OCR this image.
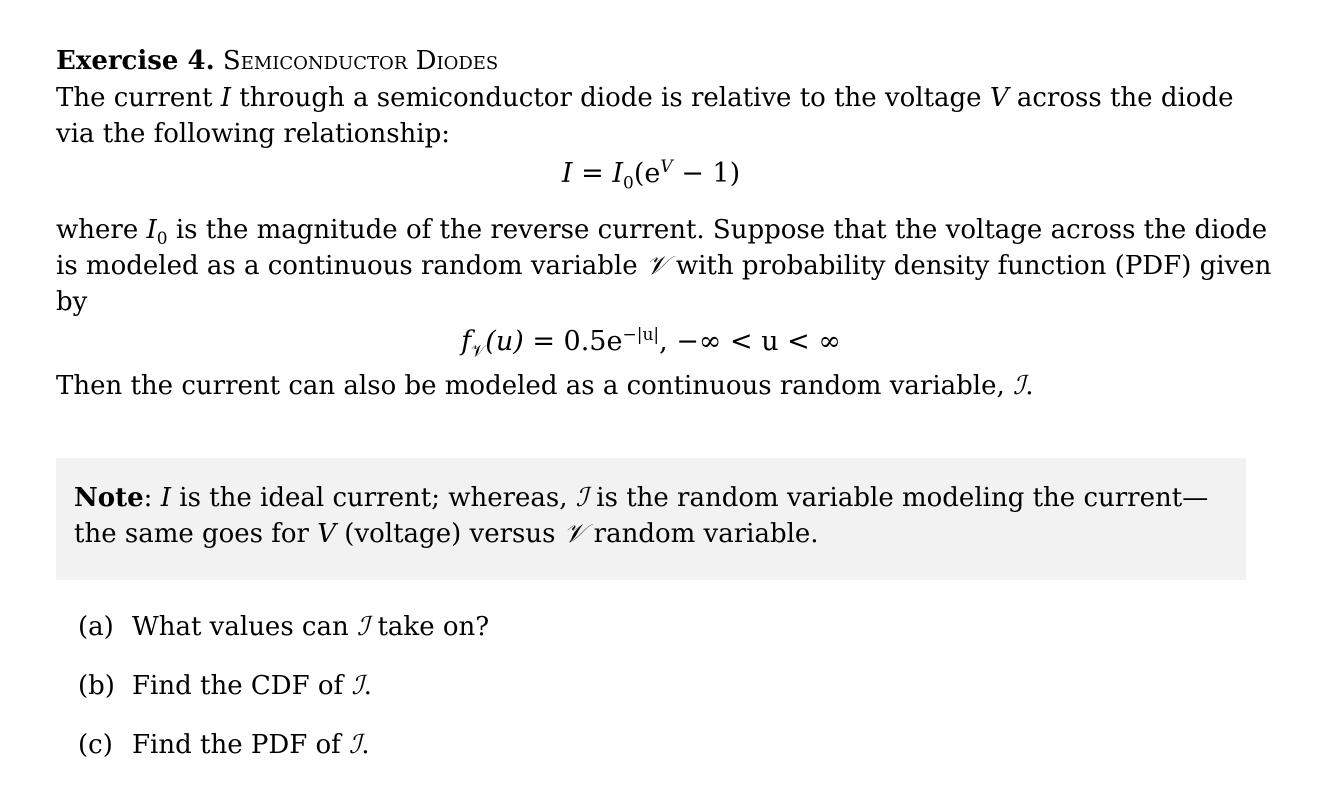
Exercise 4. Semiconductor Diodes
The current I through a semiconductor diode is relative to the voltage V across the diode
via the following relationship:
$I = I_0(e^V - 1)$
where $I_0$ is the magnitude of the reverse current. Suppose that the voltage across the diode
is modeled as a continuous random variable 𝒱 with probability density function (PDF) given
by
$f_𝒱(u) = 0.5e^{-|u|}$, −∞ < u < ∞
Then the current can also be modeled as a continuous random variable, ℐ.
Note: I is the ideal current; whereas, ℐ is the random variable modeling the current—
the same goes for V (voltage) versus 𝒱 random variable.
(a) What values can ℐ take on?
(b) Find the CDF of ℐ.
(c) Find the PDF of ℐ.
